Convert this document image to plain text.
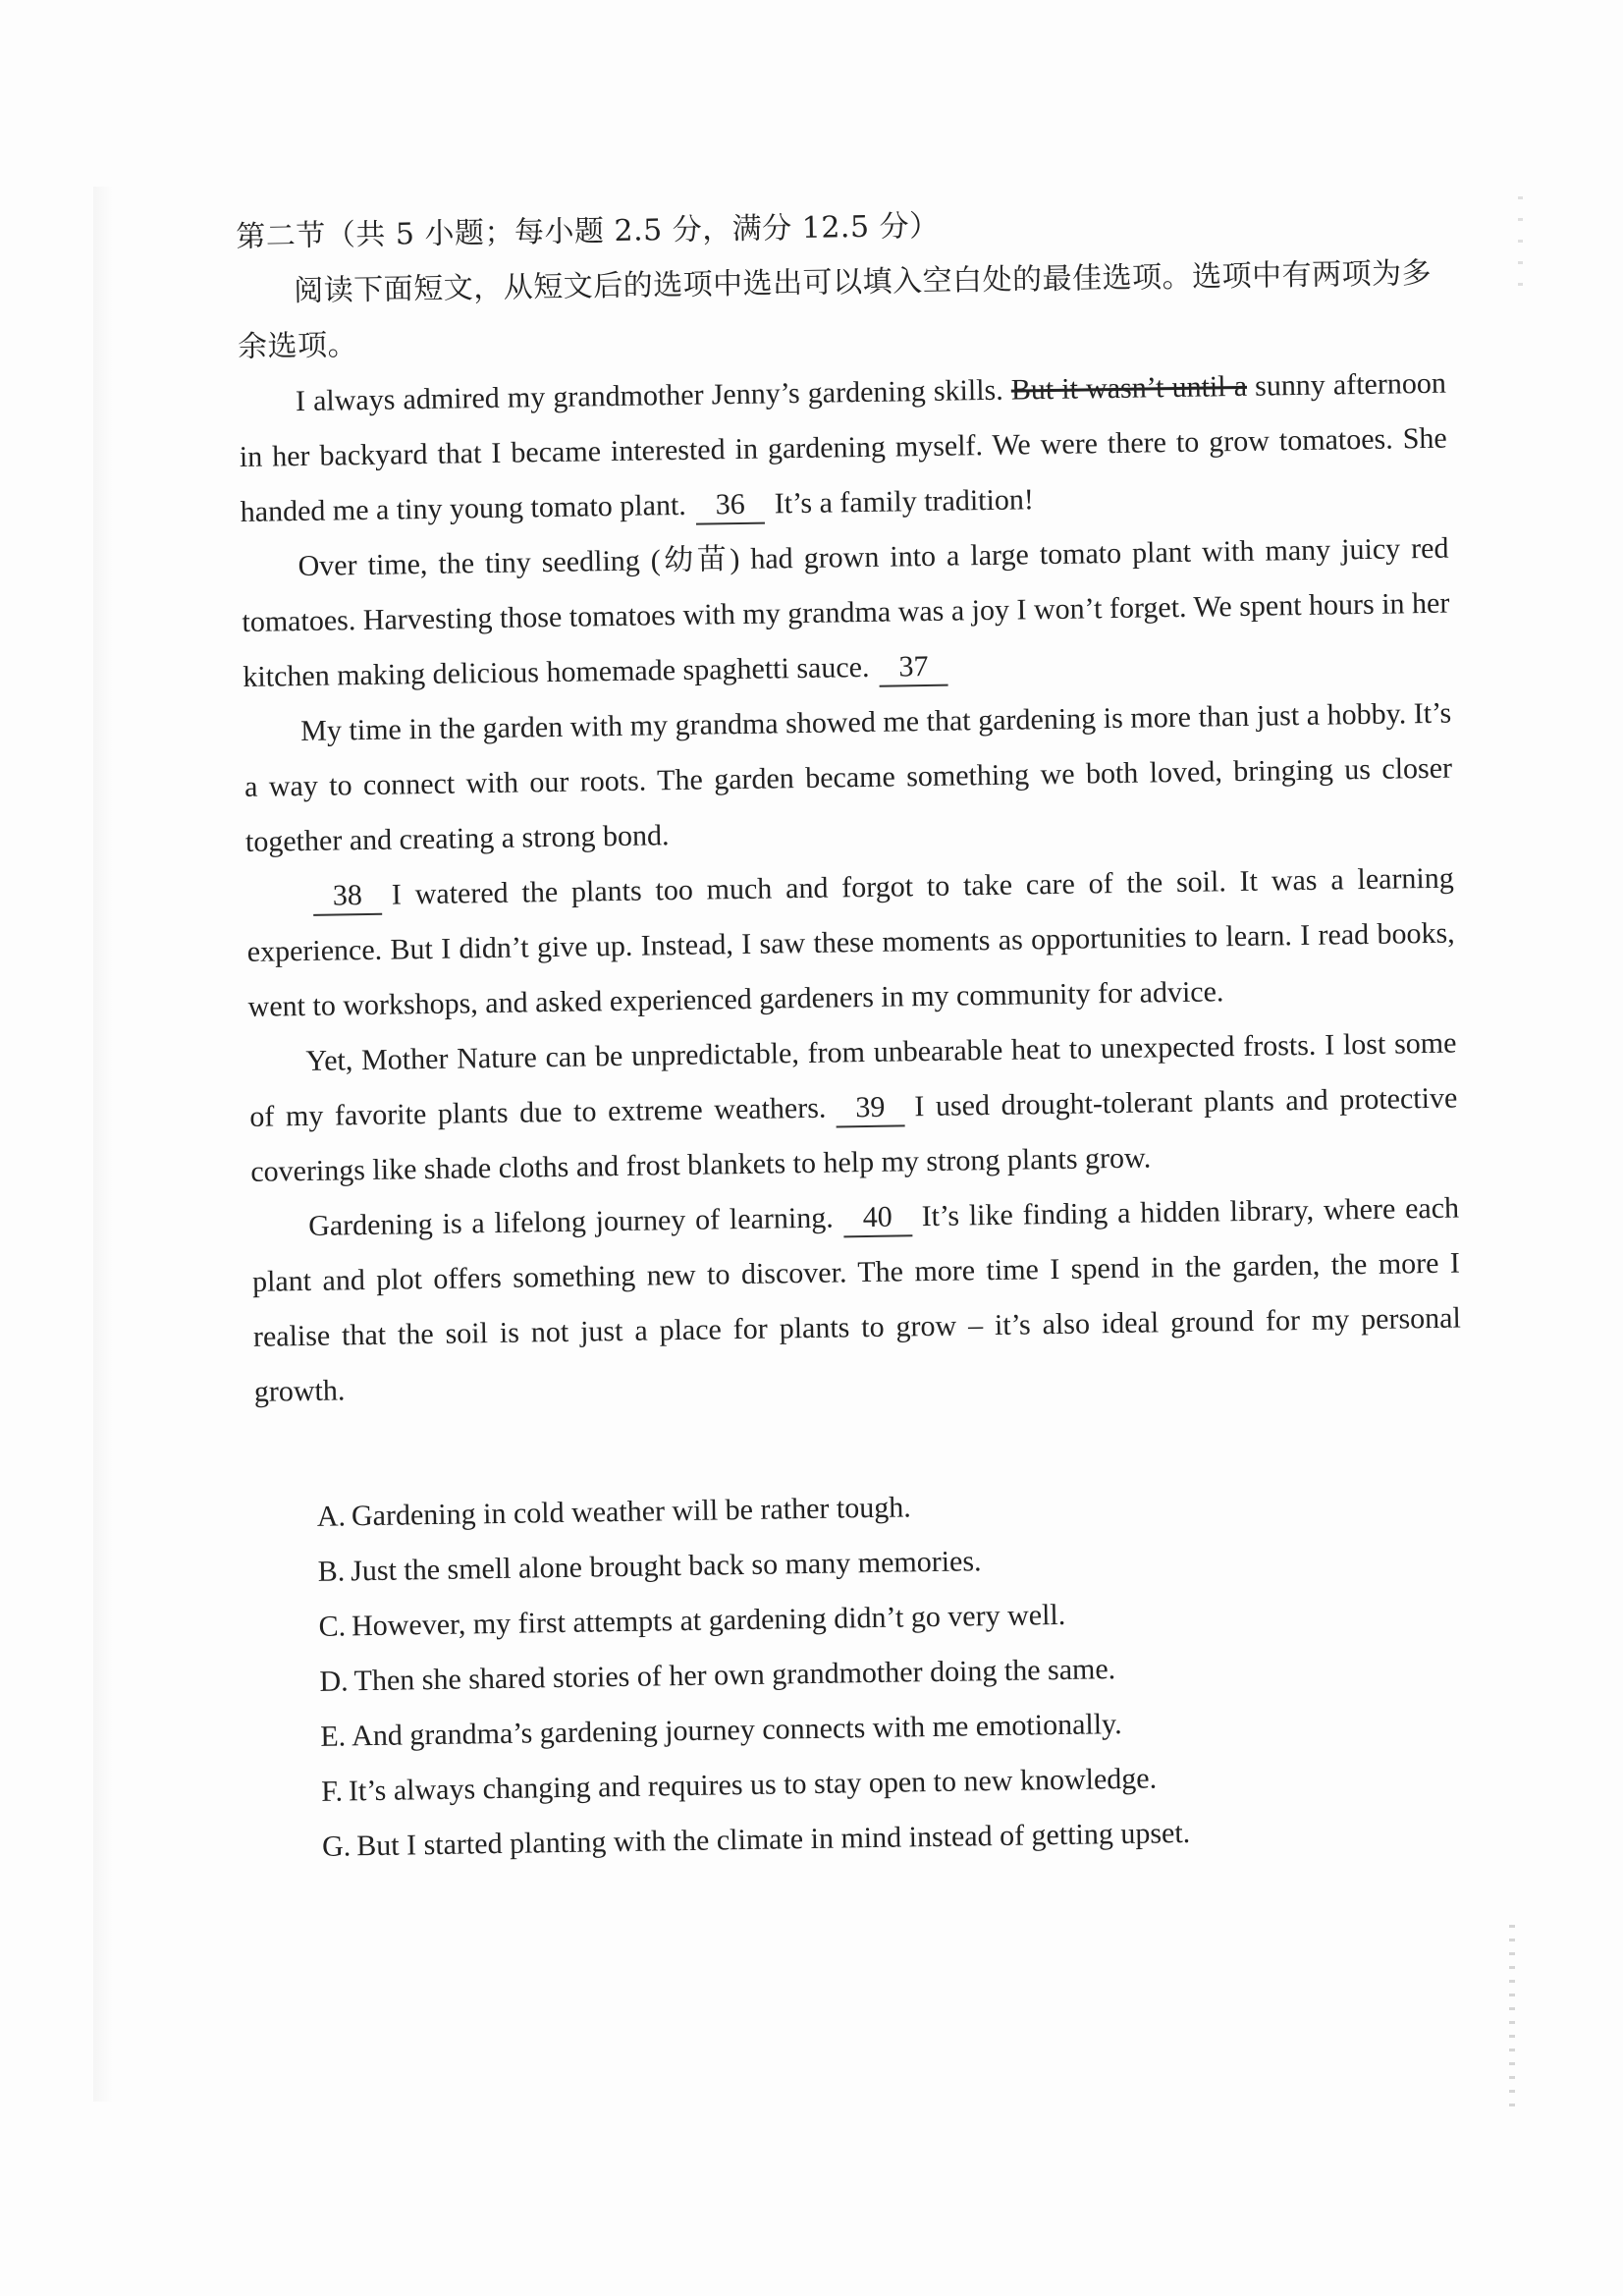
第二节（共 5 小题；每小题 2.5 分，满分 12.5 分）

阅读下面短文，从短文后的选项中选出可以填入空白处的最佳选项。选项中有两项为多余选项。

I always admired my grandmother Jenny’s gardening skills. But it wasn’t until a sunny afternoon in her backyard that I became interested in gardening myself. We were there to grow tomatoes. She handed me a tiny young tomato plant. 36 It’s a family tradition!

Over time, the tiny seedling (幼苗) had grown into a large tomato plant with many juicy red tomatoes. Harvesting those tomatoes with my grandma was a joy I won’t forget. We spent hours in her kitchen making delicious homemade spaghetti sauce. 37

My time in the garden with my grandma showed me that gardening is more than just a hobby. It’s a way to connect with our roots. The garden became something we both loved, bringing us closer together and creating a strong bond.

38 I watered the plants too much and forgot to take care of the soil. It was a learning experience. But I didn’t give up. Instead, I saw these moments as opportunities to learn. I read books, went to workshops, and asked experienced gardeners in my community for advice.

Yet, Mother Nature can be unpredictable, from unbearable heat to unexpected frosts. I lost some of my favorite plants due to extreme weathers. 39 I used drought-tolerant plants and protective coverings like shade cloths and frost blankets to help my strong plants grow.

Gardening is a lifelong journey of learning. 40 It’s like finding a hidden library, where each plant and plot offers something new to discover. The more time I spend in the garden, the more I realise that the soil is not just a place for plants to grow – it’s also ideal ground for my personal growth.

A. Gardening in cold weather will be rather tough.

B. Just the smell alone brought back so many memories.

C. However, my first attempts at gardening didn’t go very well.

D. Then she shared stories of her own grandmother doing the same.

E. And grandma’s gardening journey connects with me emotionally.

F. It’s always changing and requires us to stay open to new knowledge.

G. But I started planting with the climate in mind instead of getting upset.
